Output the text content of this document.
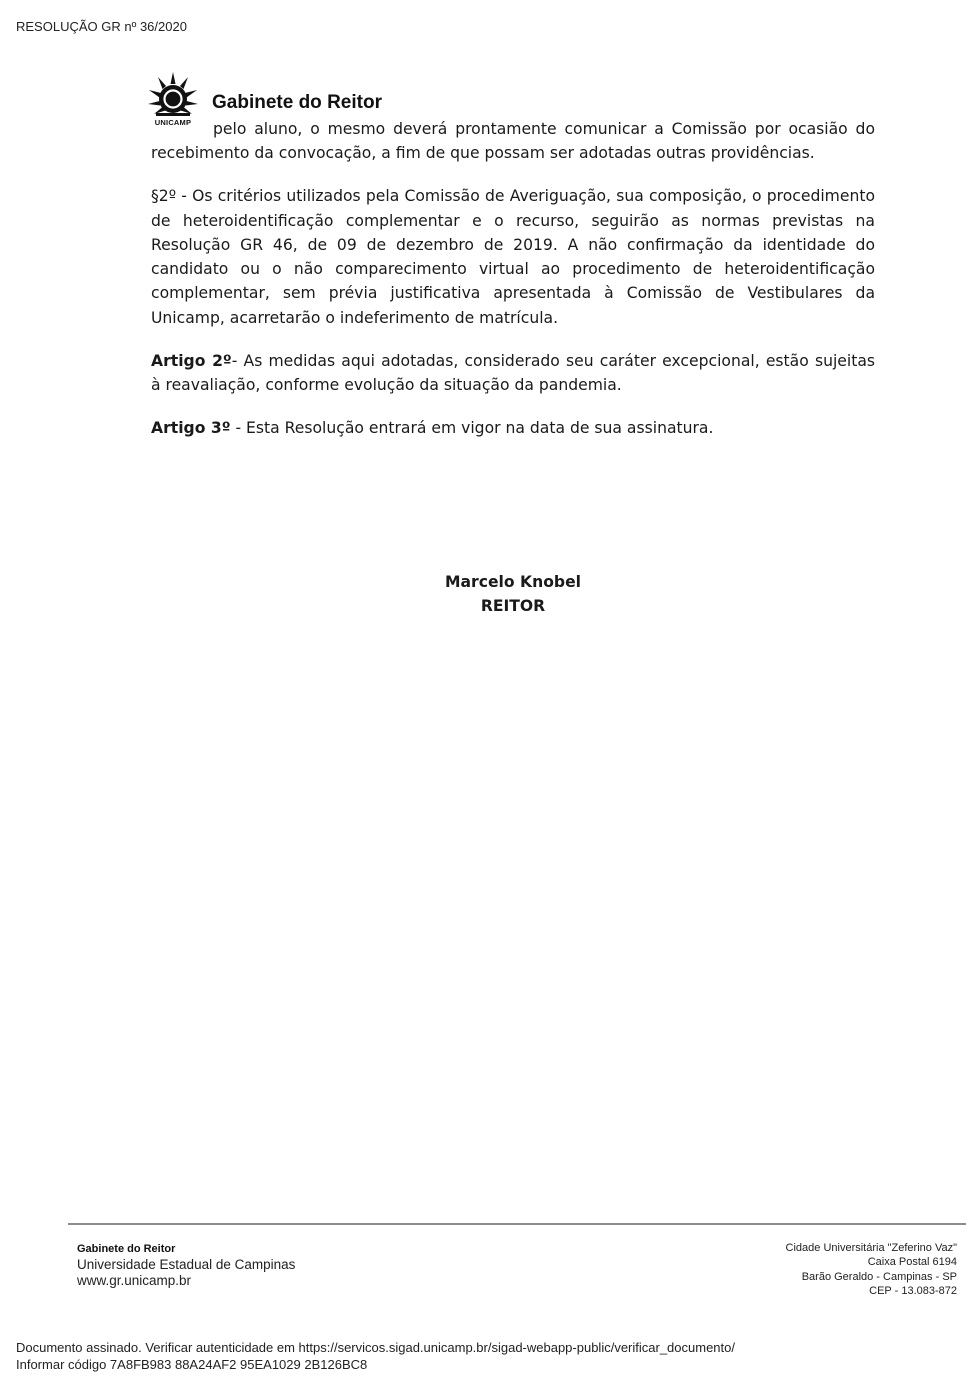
RESOLUÇÃO GR nº 36/2020
UNICAMP
Gabinete do Reitor

pelo aluno, o mesmo deverá prontamente comunicar a Comissão por ocasião do recebimento da convocação, a fim de que possam ser adotadas outras providências.

§2º - Os critérios utilizados pela Comissão de Averiguação, sua composição, o procedimento de heteroidentificação complementar e o recurso, seguirão as normas previstas na Resolução GR 46, de 09 de dezembro de 2019. A não confirmação da identidade do candidato ou o não comparecimento virtual ao procedimento de heteroidentificação complementar, sem prévia justificativa apresentada à Comissão de Vestibulares da Unicamp, acarretarão o indeferimento de matrícula.

Artigo 2º- As medidas aqui adotadas, considerado seu caráter excepcional, estão sujeitas à reavaliação, conforme evolução da situação da pandemia.

Artigo 3º - Esta Resolução entrará em vigor na data de sua assinatura.

Marcelo Knobel
REITOR
Gabinete do Reitor
Universidade Estadual de Campinas
www.gr.unicamp.br
Cidade Universitária "Zeferino Vaz"
Caixa Postal 6194
Barão Geraldo - Campinas - SP
CEP - 13.083-872
Documento assinado. Verificar autenticidade em https://servicos.sigad.unicamp.br/sigad-webapp-public/verificar_documento/
Informar código 7A8FB983 88A24AF2 95EA1029 2B126BC8
